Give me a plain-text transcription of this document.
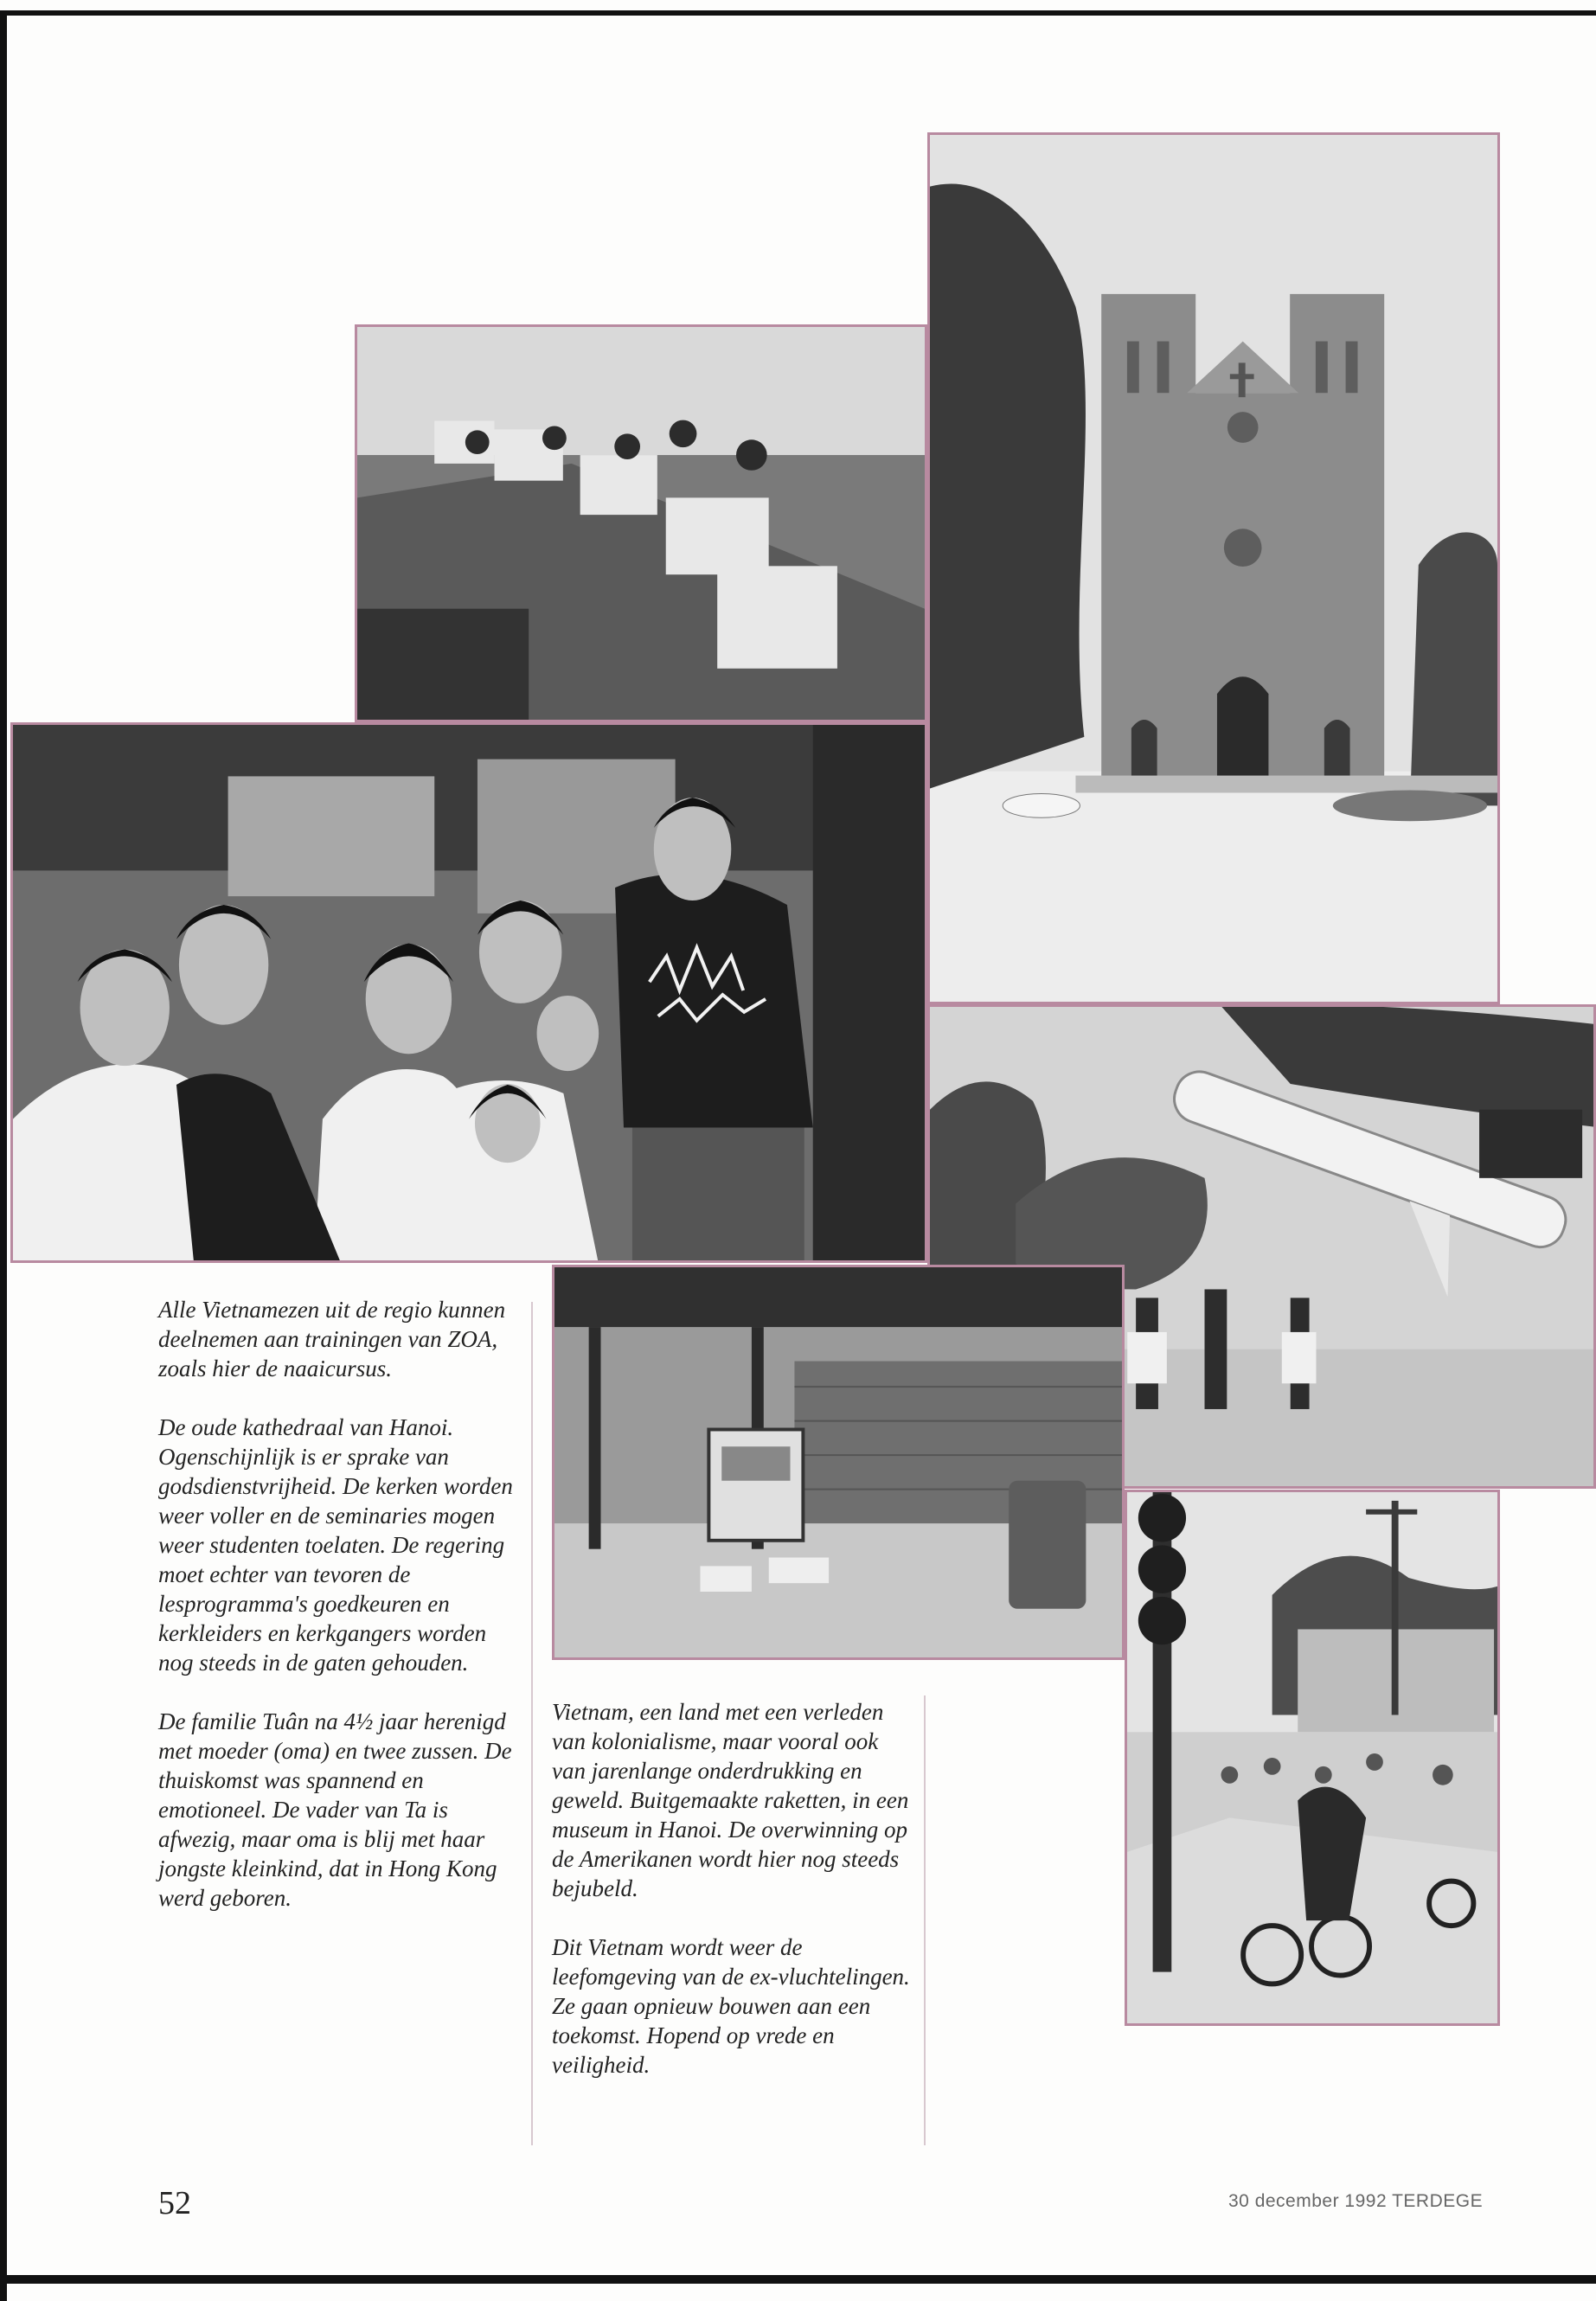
Alle Vietnamezen uit de regio kunnen deelnemen aan trainingen van ZOA, zoals hier de naaicursus.

De oude kathedraal van Hanoi. Ogenschijnlijk is er sprake van godsdienstvrijheid. De kerken worden weer voller en de seminaries mogen weer studenten toelaten. De regering moet echter van tevoren de lesprogramma's goedkeuren en kerkleiders en kerkgangers worden nog steeds in de gaten gehouden.

De familie Tuân na 4½ jaar herenigd met moeder (oma) en twee zussen. De thuiskomst was spannend en emotioneel. De vader van Ta is afwezig, maar oma is blij met haar jongste kleinkind, dat in Hong Kong werd geboren.

Vietnam, een land met een verleden van kolonialisme, maar vooral ook van jarenlange onderdrukking en geweld. Buitgemaakte raketten, in een museum in Hanoi. De overwinning op de Amerikanen wordt hier nog steeds bejubeld.

Dit Vietnam wordt weer de leefomgeving van de ex-vluchtelingen. Ze gaan opnieuw bouwen aan een toekomst. Hopend op vrede en veiligheid.

52	30 december 1992 TERDEGE
